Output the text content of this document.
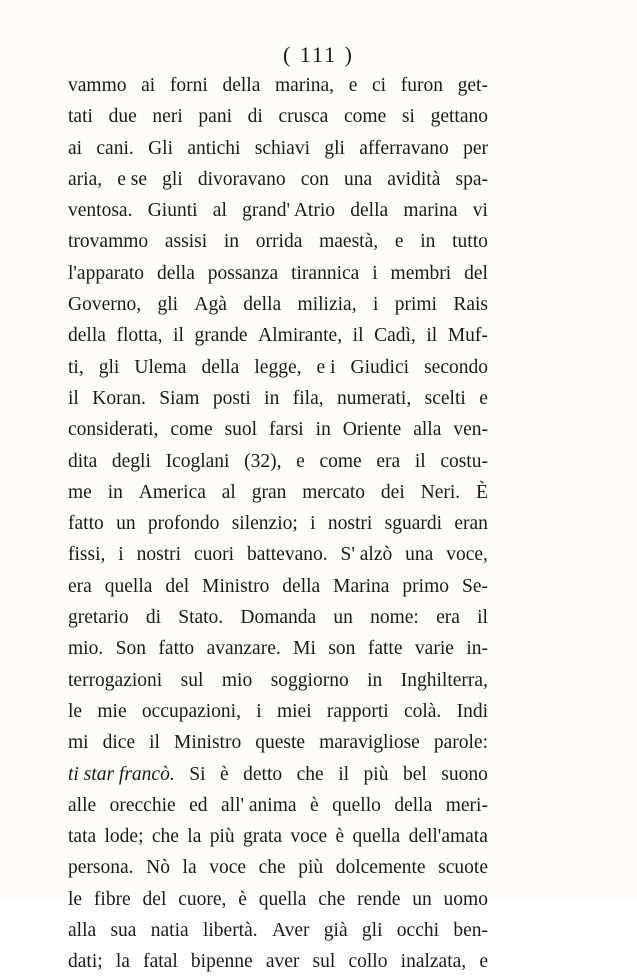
( 111 )
vammo ai forni della marina, e ci furon get-
tati due neri pani di crusca come si gettano
ai cani. Gli antichi schiavi gli afferravano per
aria, e se gli divoravano con una avidità spa-
ventosa. Giunti al grand' Atrio della marina vi
trovammo assisi in orrida maestà, e in tutto
l'apparato della possanza tirannica i membri del
Governo, gli Agà della milizia, i primi Rais
della flotta, il grande Almirante, il Cadì, il Muf-
ti, gli Ulema della legge, e i Giudici secondo
il Koran. Siam posti in fila, numerati, scelti e
considerati, come suol farsi in Oriente alla ven-
dita degli Icoglani (32), e come era il costu-
me in America al gran mercato dei Neri. È
fatto un profondo silenzio; i nostri sguardi eran
fissi, i nostri cuori battevano. S' alzò una voce,
era quella del Ministro della Marina primo Se-
gretario di Stato. Domanda un nome: era il
mio. Son fatto avanzare. Mi son fatte varie in-
terrogazioni sul mio soggiorno in Inghilterra,
le mie occupazioni, i miei rapporti colà. Indi
mi dice il Ministro queste maravigliose parole:
ti star francò. Si è detto che il più bel suono
alle orecchie ed all' anima è quello della meri-
tata lode; che la più grata voce è quella dell'amata
persona. Nò la voce che più dolcemente scuote
le fibre del cuore, è quella che rende un uomo
alla sua natia libertà. Aver già gli occhi ben-
dati; la fatal bipenne aver sul collo inalzata, e
